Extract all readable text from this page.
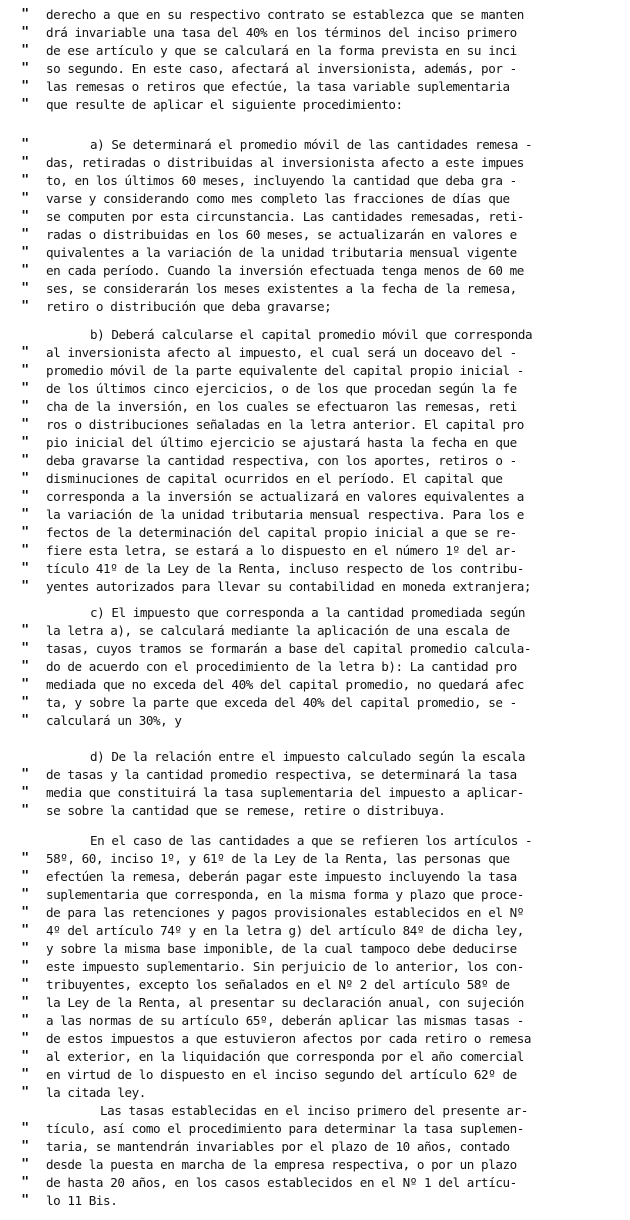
"	derecho a que en su respectivo contrato se establezca que se manten
"	drá invariable una tasa del 40% en los términos del inciso primero
"	de ese artículo y que se calculará en la forma prevista en su inci
"	so segundo. En este caso, afectará al inversionista, además, por -
"	las remesas o retiros que efectúe, la tasa variable suplementaria
"	que resulte de aplicar el siguiente procedimiento:
"	a) Se determinará el promedio móvil de las cantidades remesa -
"	das, retiradas o distribuidas al inversionista afecto a este impues
"	to, en los últimos 60 meses, incluyendo la cantidad que deba gra -
"	varse y considerando como mes completo las fracciones de días que
"	se computen por esta circunstancia. Las cantidades remesadas, reti-
"	radas o distribuidas en los 60 meses, se actualizarán en valores e
"	quivalentes a la variación de la unidad tributaria mensual vigente
"	en cada período. Cuando la inversión efectuada tenga menos de 60 me
"	ses, se considerarán los meses existentes a la fecha de la remesa,
"	retiro o distribución que deba gravarse;
b) Deberá calcularse el capital promedio móvil que corresponda
"	al inversionista afecto al impuesto, el cual será un doceavo del -
"	promedio móvil de la parte equivalente del capital propio inicial -
"	de los últimos cinco ejercicios, o de los que procedan según la fe
"	cha de la inversión, en los cuales se efectuaron las remesas, reti
"	ros o distribuciones señaladas en la letra anterior. El capital pro
"	pio inicial del último ejercicio se ajustará hasta la fecha en que
"	deba gravarse la cantidad respectiva, con los aportes, retiros o -
"	disminuciones de capital ocurridos en el período. El capital que
"	corresponda a la inversión se actualizará en valores equivalentes a
"	la variación de la unidad tributaria mensual respectiva. Para los e
"	fectos de la determinación del capital propio inicial a que se re-
"	fiere esta letra, se estará a lo dispuesto en el número 1º del ar-
"	tículo 41º de la Ley de la Renta, incluso respecto de los contribu-
"	yentes autorizados para llevar su contabilidad en moneda extranjera;
c) El impuesto que corresponda a la cantidad promediada según
"	la letra a), se calculará mediante la aplicación de una escala de
"	tasas, cuyos tramos se formarán a base del capital promedio calcula-
"	do de acuerdo con el procedimiento de la letra b): La cantidad pro
"	mediada que no exceda del 40% del capital promedio, no quedará afec
"	ta, y sobre la parte que exceda del 40% del capital promedio, se -
"	calculará un 30%, y
d) De la relación entre el impuesto calculado según la escala
"	de tasas y la cantidad promedio respectiva, se determinará la tasa
"	media que constituirá la tasa suplementaria del impuesto a aplicar-
"	se sobre la cantidad que se remese, retire o distribuya.
En el caso de las cantidades a que se refieren los artículos -
"	58º, 60, inciso 1º, y 61º de la Ley de la Renta, las personas que
"	efectúen la remesa, deberán pagar este impuesto incluyendo la tasa
"	suplementaria que corresponda, en la misma forma y plazo que proce-
"	de para las retenciones y pagos provisionales establecidos en el Nº
"	4º del artículo 74º y en la letra g) del artículo 84º de dicha ley,
"	y sobre la misma base imponible, de la cual tampoco debe deducirse
"	este impuesto suplementario. Sin perjuicio de lo anterior, los con-
"	tribuyentes, excepto los señalados en el Nº 2 del artículo 58º de
"	la Ley de la Renta, al presentar su declaración anual, con sujeción
"	a las normas de su artículo 65º, deberán aplicar las mismas tasas -
"	de estos impuestos a que estuvieron afectos por cada retiro o remesa
"	al exterior, en la liquidación que corresponda por el año comercial
"	en virtud de lo dispuesto en el inciso segundo del artículo 62º de
"	la citada ley.
Las tasas establecidas en el inciso primero del presente ar-
"	tículo, así como el procedimiento para determinar la tasa suplemen-
"	taria, se mantendrán invariables por el plazo de 10 años, contado
"	desde la puesta en marcha de la empresa respectiva, o por un plazo
"	de hasta 20 años, en los casos establecidos en el Nº 1 del artícu-
"	lo 11 Bis.
